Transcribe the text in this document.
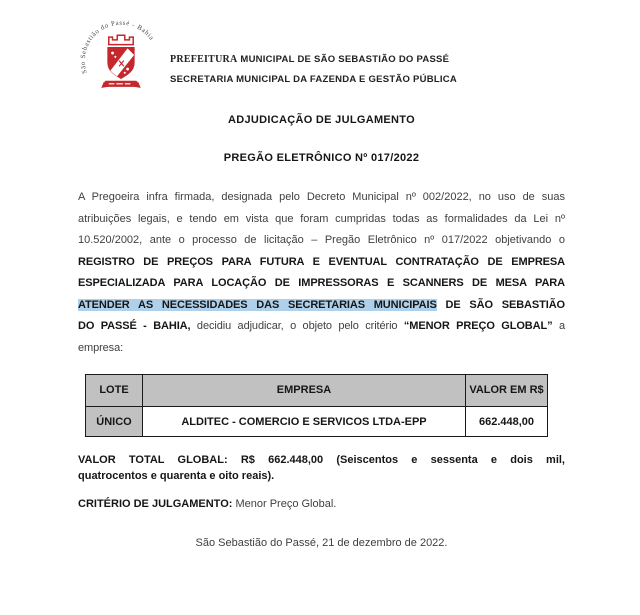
São Sebastião do Passé - Bahia
PREFEITURA MUNICIPAL DE SÃO SEBASTIÃO DO PASSÉ
SECRETARIA MUNICIPAL DA FAZENDA E GESTÃO PÚBLICA
ADJUDICAÇÃO DE JULGAMENTO
PREGÃO ELETRÔNICO Nº 017/2022
A Pregoeira infra firmada, designada pelo Decreto Municipal nº 002/2022, no uso de suas
atribuições legais, e tendo em vista que foram cumpridas todas as formalidades da Lei nº
10.520/2002, ante o processo de licitação – Pregão Eletrônico nº 017/2022 objetivando o
REGISTRO DE PREÇOS PARA FUTURA E EVENTUAL CONTRATAÇÃO DE EMPRESA
ESPECIALIZADA PARA LOCAÇÃO DE IMPRESSORAS E SCANNERS DE MESA PARA
ATENDER AS NECESSIDADES DAS SECRETARIAS MUNICIPAIS DE SÃO SEBASTIÃO
DO PASSÉ - BAHIA, decidiu adjudicar, o objeto pelo critério “MENOR PREÇO GLOBAL” a
empresa:
LOTE	EMPRESA	VALOR EM R$
ÚNICO	ALDITEC - COMERCIO E SERVICOS LTDA-EPP	662.448,00
VALOR TOTAL GLOBAL: R$ 662.448,00 (Seiscentos e sessenta e dois mil,
quatrocentos e quarenta e oito reais).
CRITÉRIO DE JULGAMENTO: Menor Preço Global.
São Sebastião do Passé, 21 de dezembro de 2022.
